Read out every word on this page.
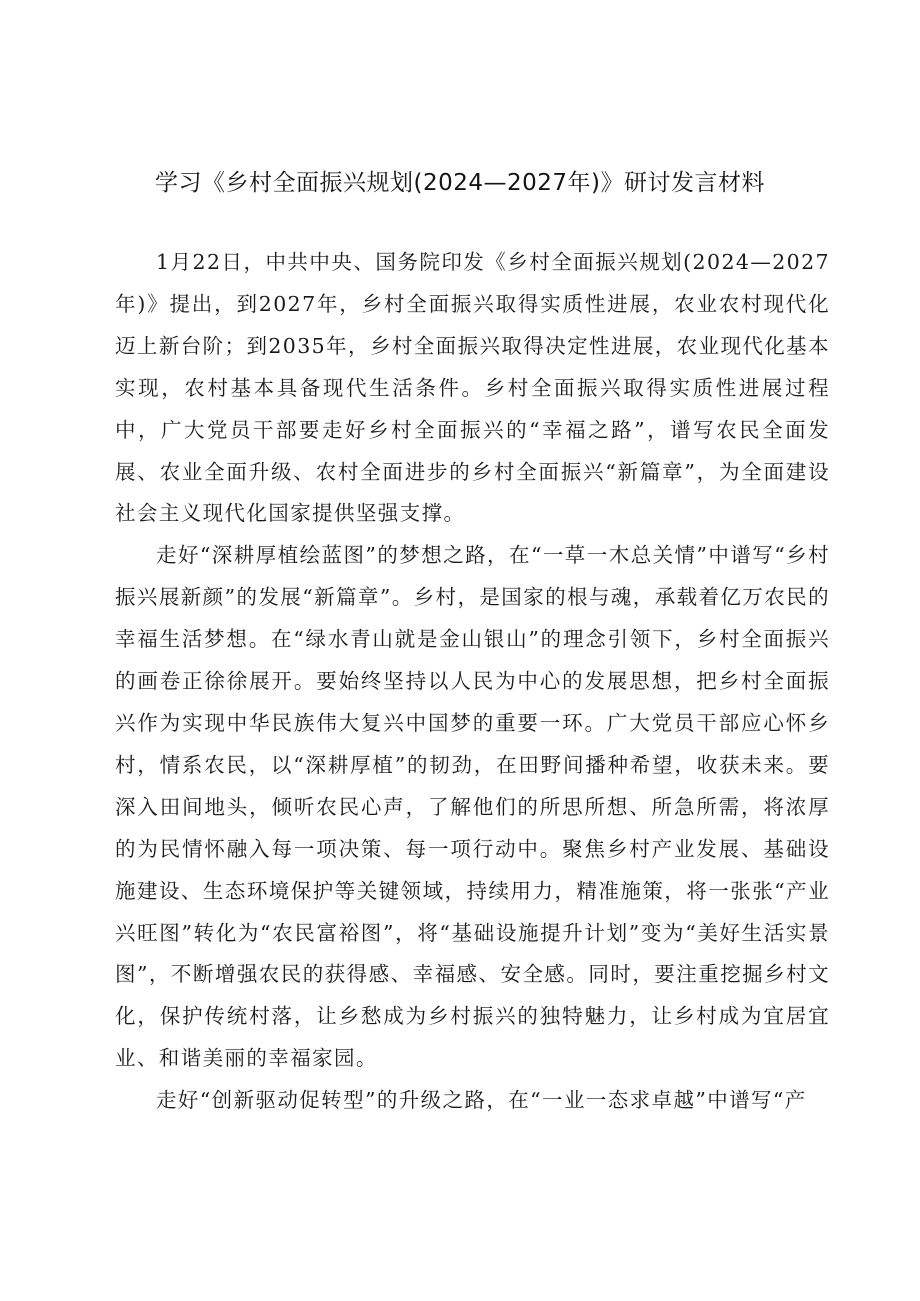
学习《乡村全面振兴规划(2024—2027年)》研讨发言材料

1月22日，中共中央、国务院印发《乡村全面振兴规划(2024—2027年)》提出，到2027年，乡村全面振兴取得实质性进展，农业农村现代化迈上新台阶；到2035年，乡村全面振兴取得决定性进展，农业现代化基本实现，农村基本具备现代生活条件。乡村全面振兴取得实质性进展过程中，广大党员干部要走好乡村全面振兴的“幸福之路”，谱写农民全面发展、农业全面升级、农村全面进步的乡村全面振兴“新篇章”，为全面建设社会主义现代化国家提供坚强支撑。

走好“深耕厚植绘蓝图”的梦想之路，在“一草一木总关情”中谱写“乡村振兴展新颜”的发展“新篇章”。乡村，是国家的根与魂，承载着亿万农民的幸福生活梦想。在“绿水青山就是金山银山”的理念引领下，乡村全面振兴的画卷正徐徐展开。要始终坚持以人民为中心的发展思想，把乡村全面振兴作为实现中华民族伟大复兴中国梦的重要一环。广大党员干部应心怀乡村，情系农民，以“深耕厚植”的韧劲，在田野间播种希望，收获未来。要深入田间地头，倾听农民心声，了解他们的所思所想、所急所需，将浓厚的为民情怀融入每一项决策、每一项行动中。聚焦乡村产业发展、基础设施建设、生态环境保护等关键领域，持续用力，精准施策，将一张张“产业兴旺图”转化为“农民富裕图”，将“基础设施提升计划”变为“美好生活实景图”，不断增强农民的获得感、幸福感、安全感。同时，要注重挖掘乡村文化，保护传统村落，让乡愁成为乡村振兴的独特魅力，让乡村成为宜居宜业、和谐美丽的幸福家园。

走好“创新驱动促转型”的升级之路，在“一业一态求卓越”中谱写“产
